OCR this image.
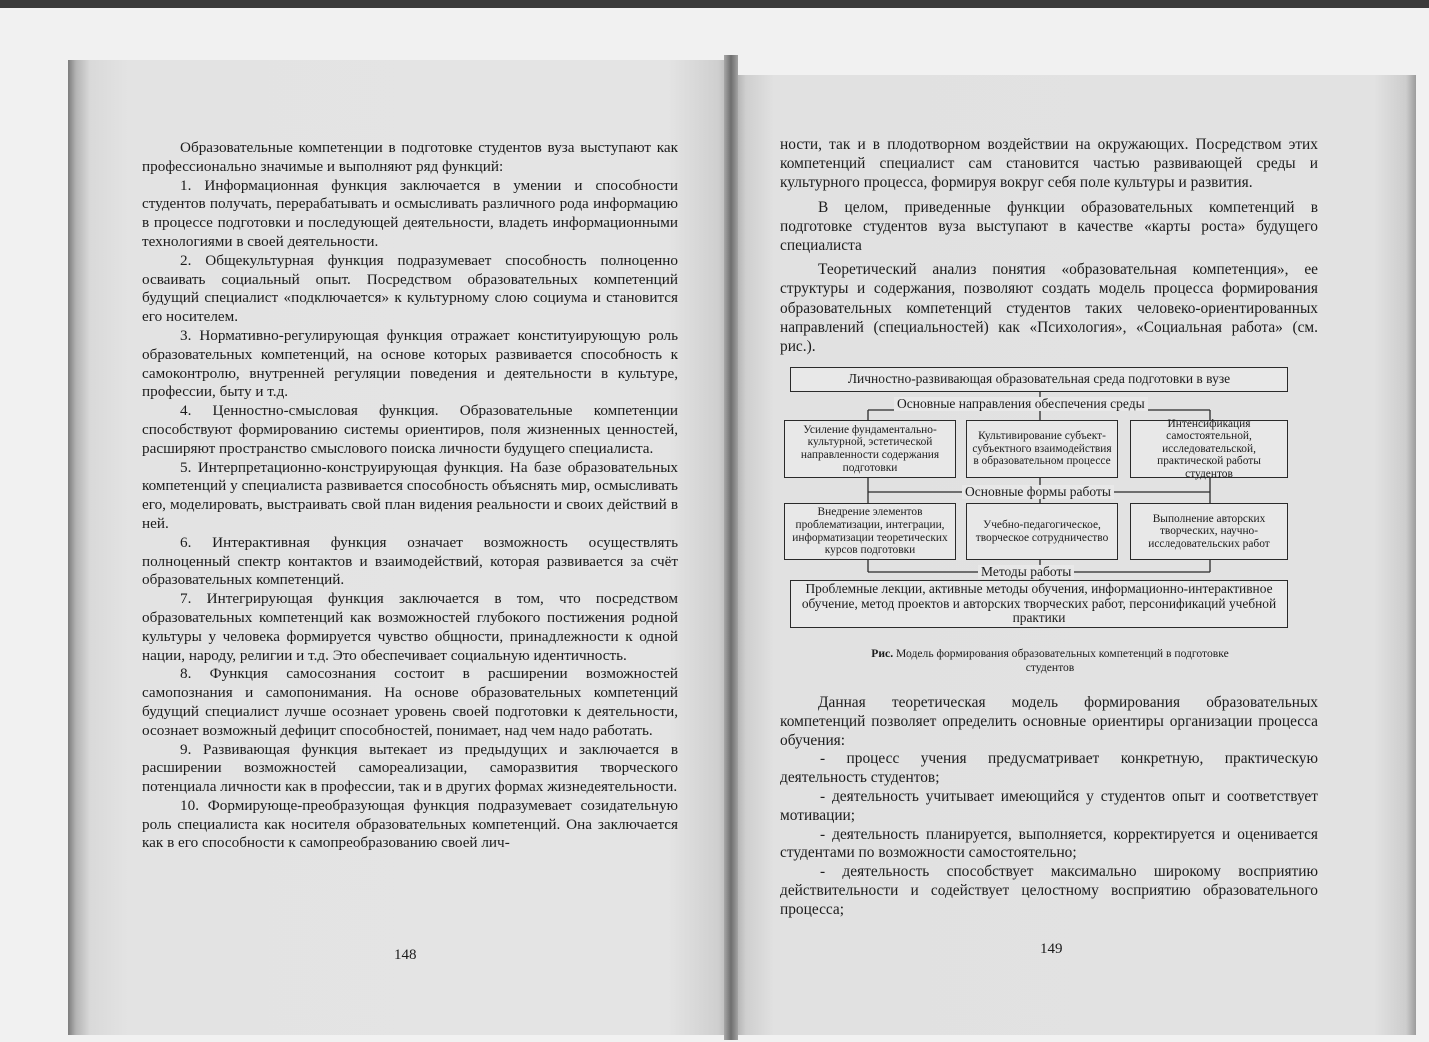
Образовательные компетенции в подготовке студентов вуза выступают как профессионально значимые и выполняют ряд функций:

1. Информационная функция заключается в умении и способности студентов получать, перерабатывать и осмысливать различного рода информацию в процессе подготовки и последующей деятельности, владеть информационными технологиями в своей деятельности.

2. Общекультурная функция подразумевает способность полноценно осваивать социальный опыт. Посредством образовательных компетенций будущий специалист «подключается» к культурному слою социума и становится его носителем.

3. Нормативно-регулирующая функция отражает конституирующую роль образовательных компетенций, на основе которых развивается способность к самоконтролю, внутренней регуляции поведения и деятельности в культуре, профессии, быту и т.д.

4. Ценностно-смысловая функция. Образовательные компетенции способствуют формированию системы ориентиров, поля жизненных ценностей, расширяют пространство смыслового поиска личности будущего специалиста.

5. Интерпретационно-конструирующая функция. На базе образовательных компетенций у специалиста развивается способность объяснять мир, осмысливать его, моделировать, выстраивать свой план видения реальности и своих действий в ней.

6. Интерактивная функция означает возможность осуществлять полноценный спектр контактов и взаимодействий, которая развивается за счёт образовательных компетенций.

7. Интегрирующая функция заключается в том, что посредством образовательных компетенций как возможностей глубокого постижения родной культуры у человека формируется чувство общности, принадлежности к одной нации, народу, религии и т.д. Это обеспечивает социальную идентичность.

8. Функция самосознания состоит в расширении возможностей самопознания и самопонимания. На основе образовательных компетенций будущий специалист лучше осознает уровень своей подготовки к деятельности, осознает возможный дефицит способностей, понимает, над чем надо работать.

9. Развивающая функция вытекает из предыдущих и заключается в расширении возможностей самореализации, саморазвития творческого потенциала личности как в профессии, так и в других формах жизнедеятельности.

10. Формирующе-преобразующая функция подразумевает созидательную роль специалиста как носителя образовательных компетенций. Она заключается как в его способности к самопреобразованию своей лич-

148

ности, так и в плодотворном воздействии на окружающих. Посредством этих компетенций специалист сам становится частью развивающей среды и культурного процесса, формируя вокруг себя поле культуры и развития.

В целом, приведенные функции образовательных компетенций в подготовке студентов вуза выступают в качестве «карты роста» будущего специалиста

Теоретический анализ понятия «образовательная компетенция», ее структуры и содержания, позволяют создать модель процесса формирования образовательных компетенций студентов таких человеко-ориентированных направлений (специальностей) как «Психология», «Социальная работа» (см. рис.).

Личностно-развивающая образовательная среда подготовки в вузе
Основные направления обеспечения среды
Усиление фундаментально-культурной, эстетической направленности содержания подготовки
Культивирование субъект- субъектного взаимодействия в образовательном процессе
Интенсификация самостоятельной, исследовательской, практической работы студентов
Основные формы работы
Внедрение элементов проблематизации, интеграции, информатизации теоретических курсов подготовки
Учебно-педагогическое, творческое сотрудничество
Выполнение авторских творческих, научно-исследовательских работ
Методы работы
Проблемные лекции, активные методы обучения, информационно-интерактивное обучение, метод проектов и авторских творческих работ, персонификаций учебной практики
Рис. Модель формирования образовательных компетенций в подготовке студентов

Данная теоретическая модель формирования образовательных компетенций позволяет определить основные ориентиры организации процесса обучения:

- процесс учения предусматривает конкретную, практическую деятельность студентов;

- деятельность учитывает имеющийся у студентов опыт и соответствует мотивации;

- деятельность планируется, выполняется, корректируется и оценивается студентами по возможности самостоятельно;

- деятельность способствует максимально широкому восприятию действительности и содействует целостному восприятию образовательного процесса;

149
